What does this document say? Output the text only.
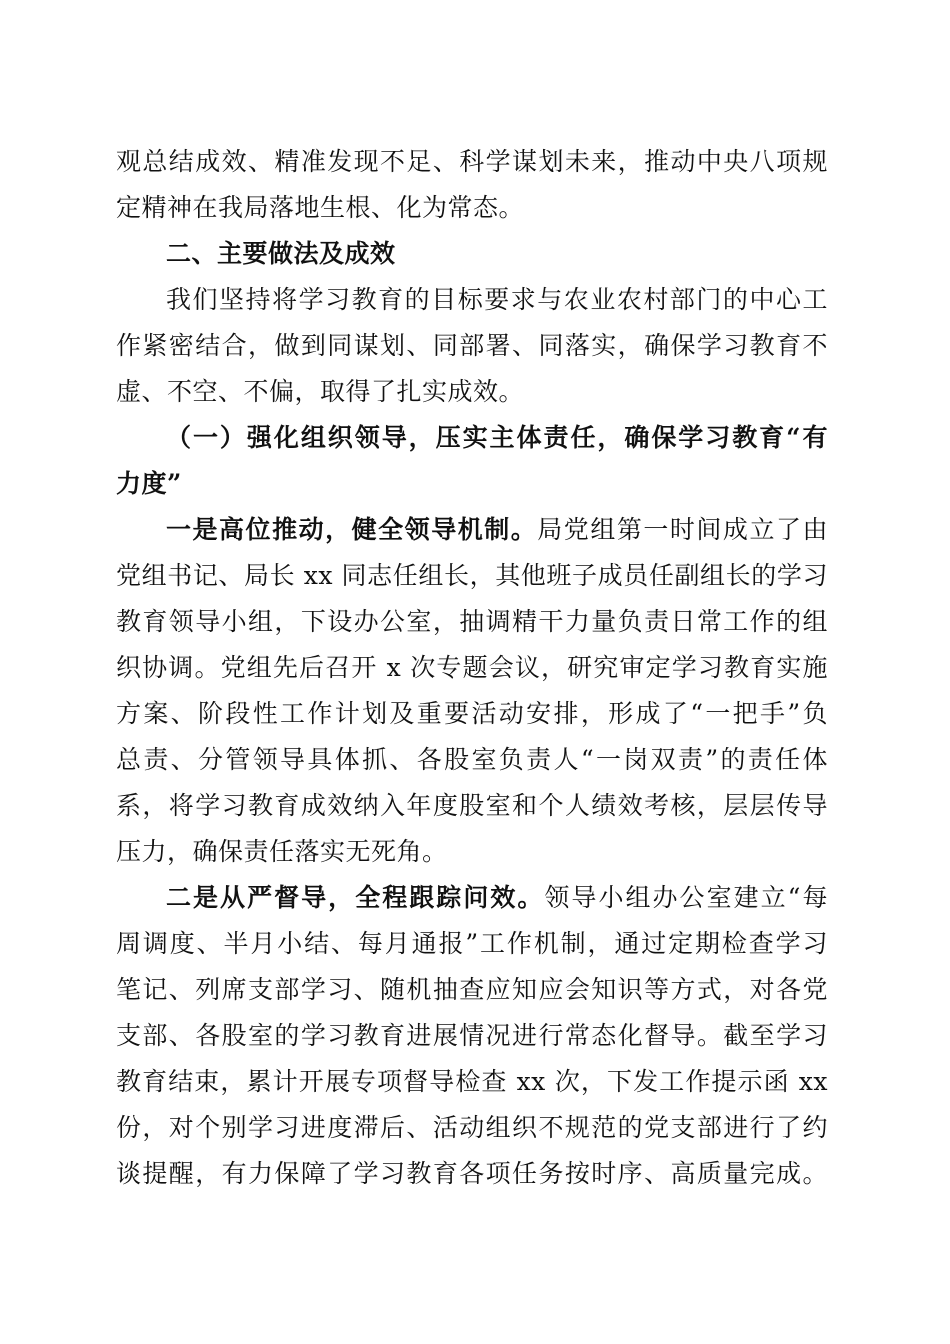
观总结成效、精准发现不足、科学谋划未来，推动中央八项规
定精神在我局落地生根、化为常态。
二、主要做法及成效
我们坚持将学习教育的目标要求与农业农村部门的中心工
作紧密结合，做到同谋划、同部署、同落实，确保学习教育不
虚、不空、不偏，取得了扎实成效。
（一）强化组织领导，压实主体责任，确保学习教育“有
力度”
一是高位推动，健全领导机制。局党组第一时间成立了由
党组书记、局长 xx 同志任组长，其他班子成员任副组长的学习
教育领导小组，下设办公室，抽调精干力量负责日常工作的组
织协调。党组先后召开 x 次专题会议，研究审定学习教育实施
方案、阶段性工作计划及重要活动安排，形成了“一把手”负
总责、分管领导具体抓、各股室负责人“一岗双责”的责任体
系，将学习教育成效纳入年度股室和个人绩效考核，层层传导
压力，确保责任落实无死角。
二是从严督导，全程跟踪问效。领导小组办公室建立“每
周调度、半月小结、每月通报”工作机制，通过定期检查学习
笔记、列席支部学习、随机抽查应知应会知识等方式，对各党
支部、各股室的学习教育进展情况进行常态化督导。截至学习
教育结束，累计开展专项督导检查 xx 次，下发工作提示函 xx
份，对个别学习进度滞后、活动组织不规范的党支部进行了约
谈提醒，有力保障了学习教育各项任务按时序、高质量完成。
